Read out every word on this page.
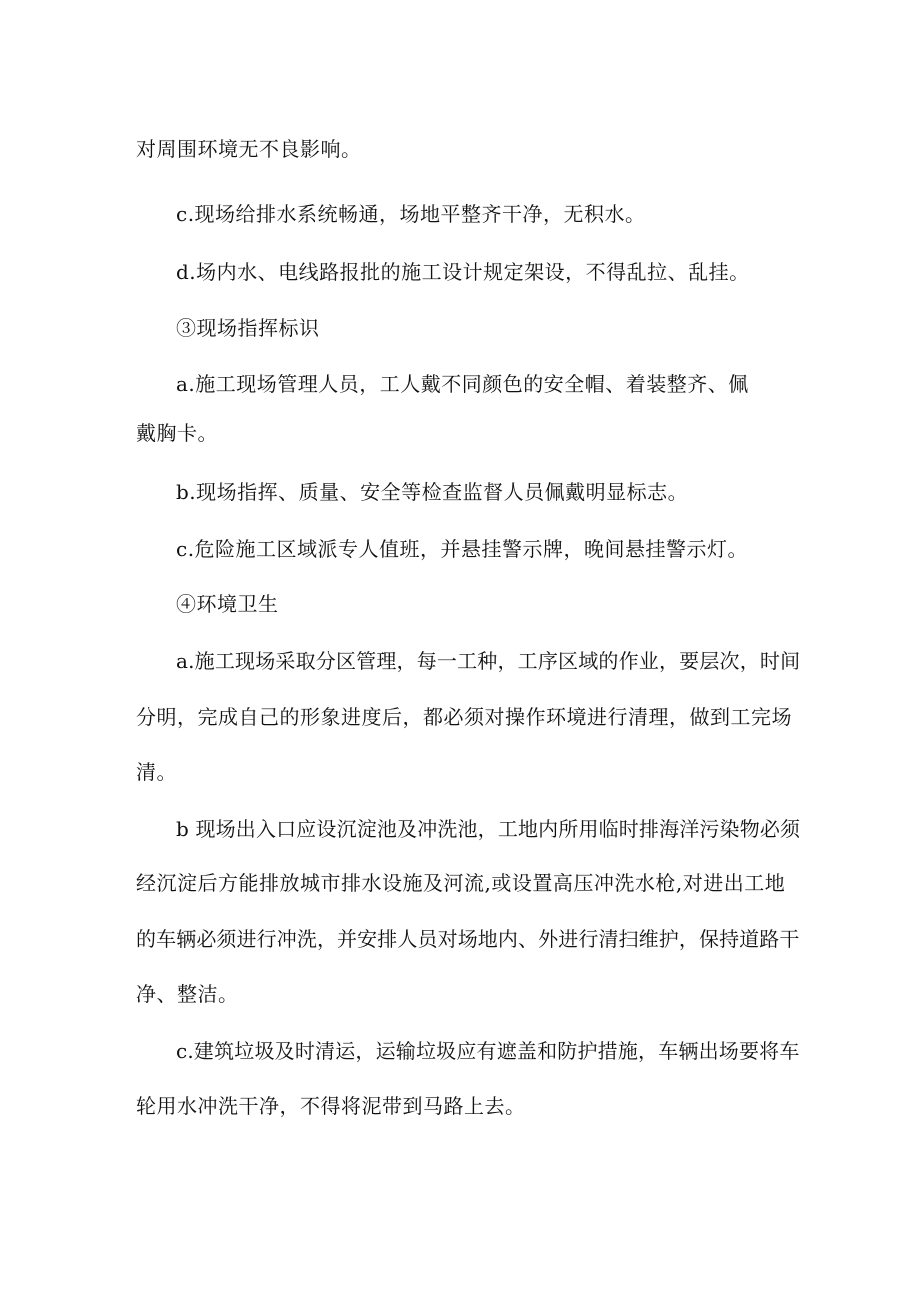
对周围环境无不良影响。
c.现场给排水系统畅通，场地平整齐干净，无积水。
d.场内水、电线路报批的施工设计规定架设，不得乱拉、乱挂。
③现场指挥标识
a.施工现场管理人员，工人戴不同颜色的安全帽、着装整齐、佩
戴胸卡。
b.现场指挥、质量、安全等检查监督人员佩戴明显标志。
c.危险施工区域派专人值班，并悬挂警示牌，晚间悬挂警示灯。
④环境卫生
a.施工现场采取分区管理，每一工种，工序区域的作业，要层次，时间
分明，完成自己的形象进度后，都必须对操作环境进行清理，做到工完场
清。
b 现场出入口应设沉淀池及冲洗池，工地内所用临时排海洋污染物必须
经沉淀后方能排放城市排水设施及河流,或设置高压冲洗水枪,对进出工地
的车辆必须进行冲洗，并安排人员对场地内、外进行清扫维护，保持道路干
净、整洁。
c.建筑垃圾及时清运，运输垃圾应有遮盖和防护措施，车辆出场要将车
轮用水冲洗干净，不得将泥带到马路上去。
